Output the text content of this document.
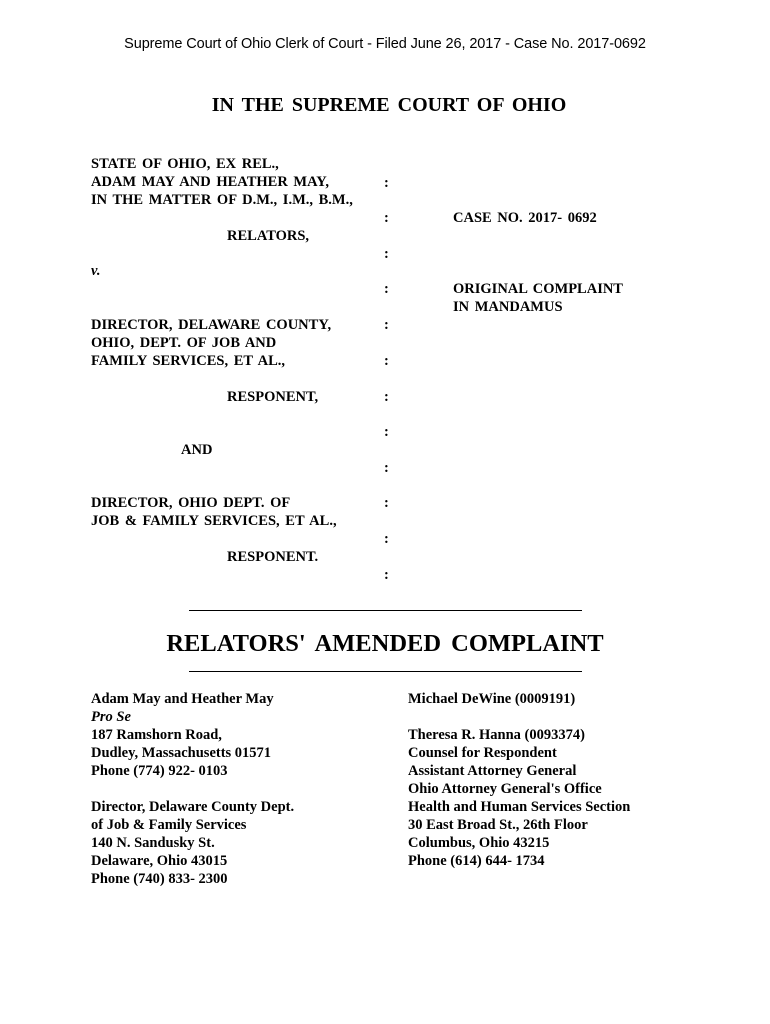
Supreme Court of Ohio Clerk of Court - Filed June 26, 2017 - Case No. 2017-0692
IN THE SUPREME COURT OF OHIO
STATE OF OHIO, EX REL.,
ADAM MAY AND HEATHER MAY,
IN THE MATTER OF D.M., I.M., B.M.,
RELATORS,
v.
DIRECTOR, DELAWARE COUNTY,
OHIO, DEPT. OF JOB AND
FAMILY SERVICES, ET AL.,
RESPONENT,
AND
DIRECTOR, OHIO DEPT. OF
JOB & FAMILY SERVICES, ET AL.,
RESPONENT.
:
:
:
:
:
:
:
:
:
:
:
:
CASE NO. 2017- 0692
ORIGINAL COMPLAINT
IN MANDAMUS
RELATORS' AMENDED COMPLAINT
Adam May and Heather May
Pro Se
187 Ramshorn Road,
Dudley, Massachusetts 01571
Phone (774) 922- 0103
Director, Delaware County Dept.
of Job & Family Services
140 N. Sandusky St.
Delaware, Ohio 43015
Phone (740) 833- 2300
Michael DeWine (0009191)
Theresa R. Hanna (0093374)
Counsel for Respondent
Assistant Attorney General
Ohio Attorney General's Office
Health and Human Services Section
30 East Broad St., 26th Floor
Columbus, Ohio 43215
Phone (614) 644- 1734
